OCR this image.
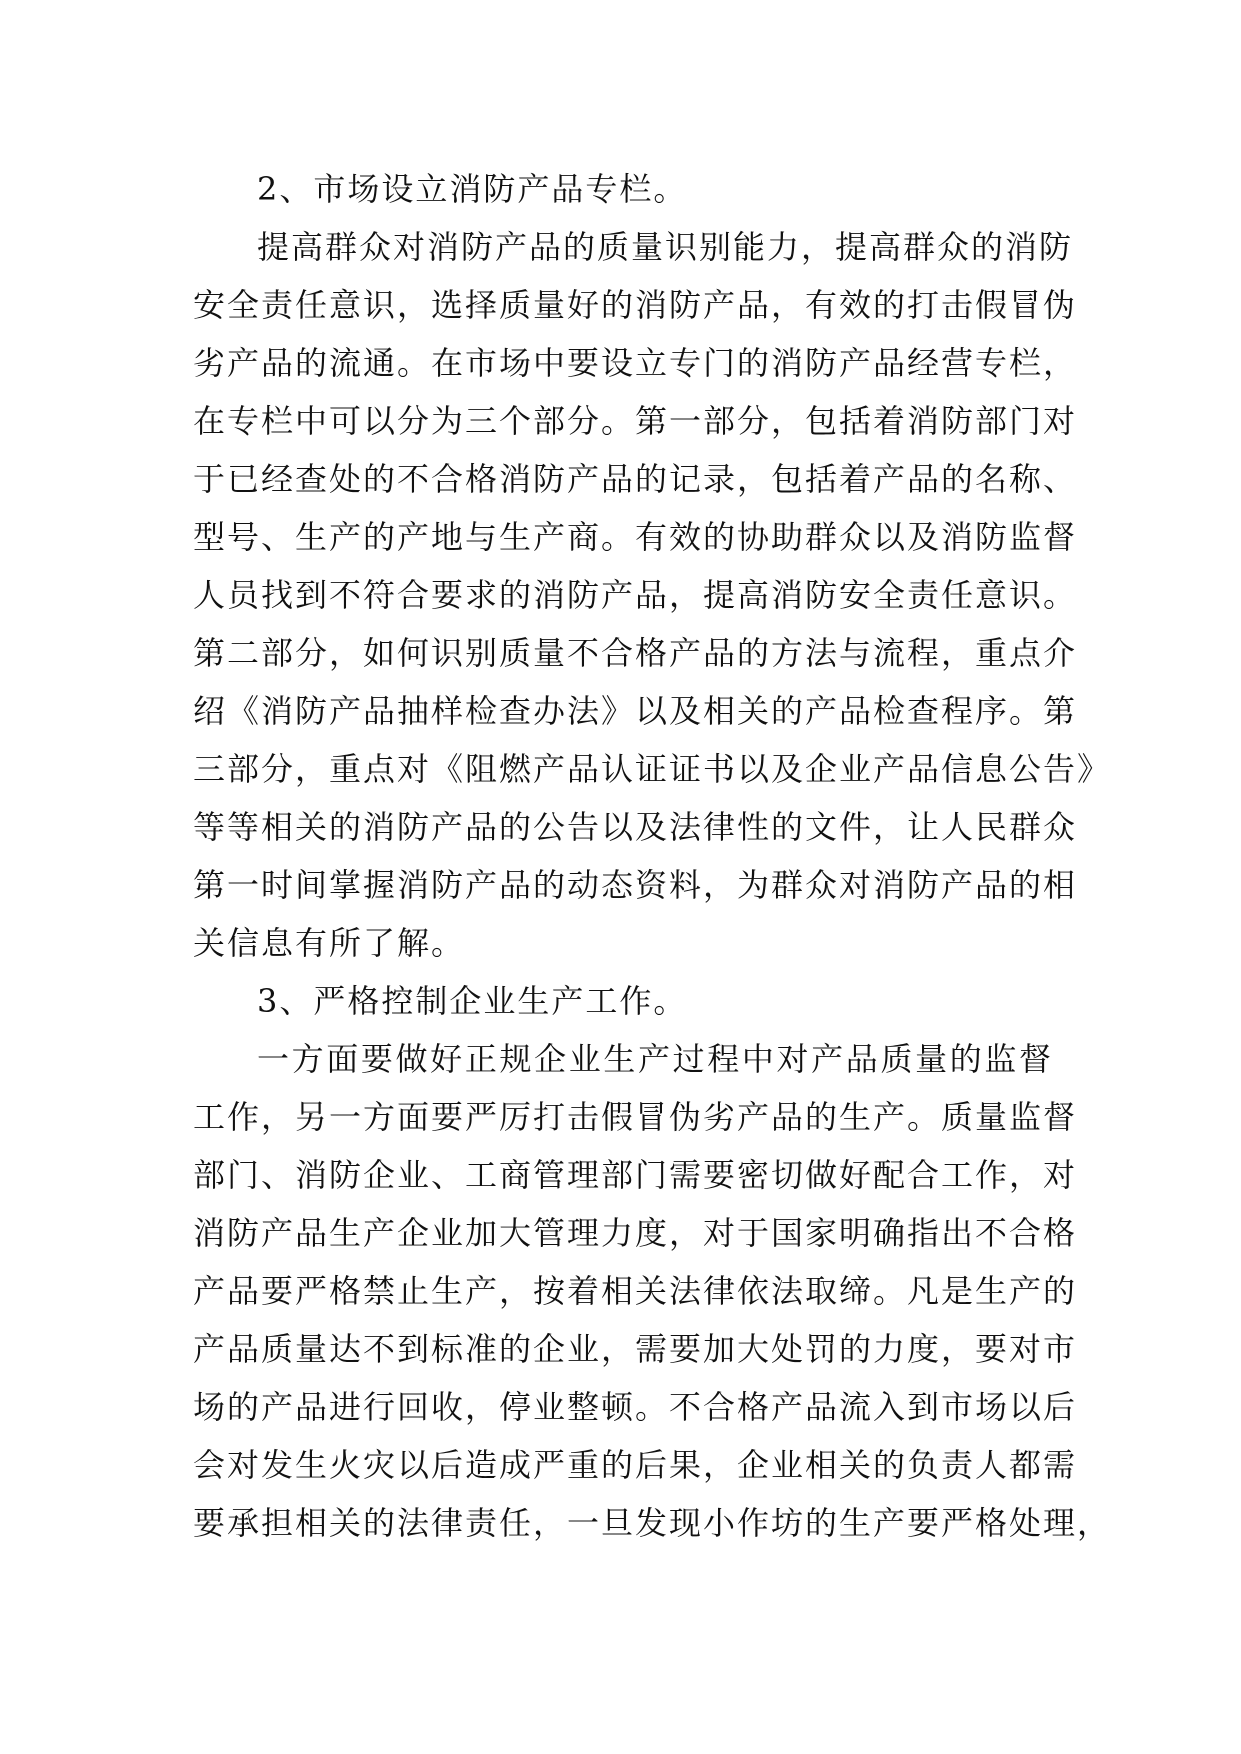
2、市场设立消防产品专栏。
提高群众对消防产品的质量识别能力，提高群众的消防
安全责任意识，选择质量好的消防产品，有效的打击假冒伪
劣产品的流通。在市场中要设立专门的消防产品经营专栏，
在专栏中可以分为三个部分。第一部分，包括着消防部门对
于已经查处的不合格消防产品的记录，包括着产品的名称、
型号、生产的产地与生产商。有效的协助群众以及消防监督
人员找到不符合要求的消防产品，提高消防安全责任意识。
第二部分，如何识别质量不合格产品的方法与流程，重点介
绍《消防产品抽样检查办法》以及相关的产品检查程序。第
三部分，重点对《阻燃产品认证证书以及企业产品信息公告》
等等相关的消防产品的公告以及法律性的文件，让人民群众
第一时间掌握消防产品的动态资料，为群众对消防产品的相
关信息有所了解。
3、严格控制企业生产工作。
一方面要做好正规企业生产过程中对产品质量的监督
工作，另一方面要严厉打击假冒伪劣产品的生产。质量监督
部门、消防企业、工商管理部门需要密切做好配合工作，对
消防产品生产企业加大管理力度，对于国家明确指出不合格
产品要严格禁止生产，按着相关法律依法取缔。凡是生产的
产品质量达不到标准的企业，需要加大处罚的力度，要对市
场的产品进行回收，停业整顿。不合格产品流入到市场以后
会对发生火灾以后造成严重的后果，企业相关的负责人都需
要承担相关的法律责任，一旦发现小作坊的生产要严格处理，
